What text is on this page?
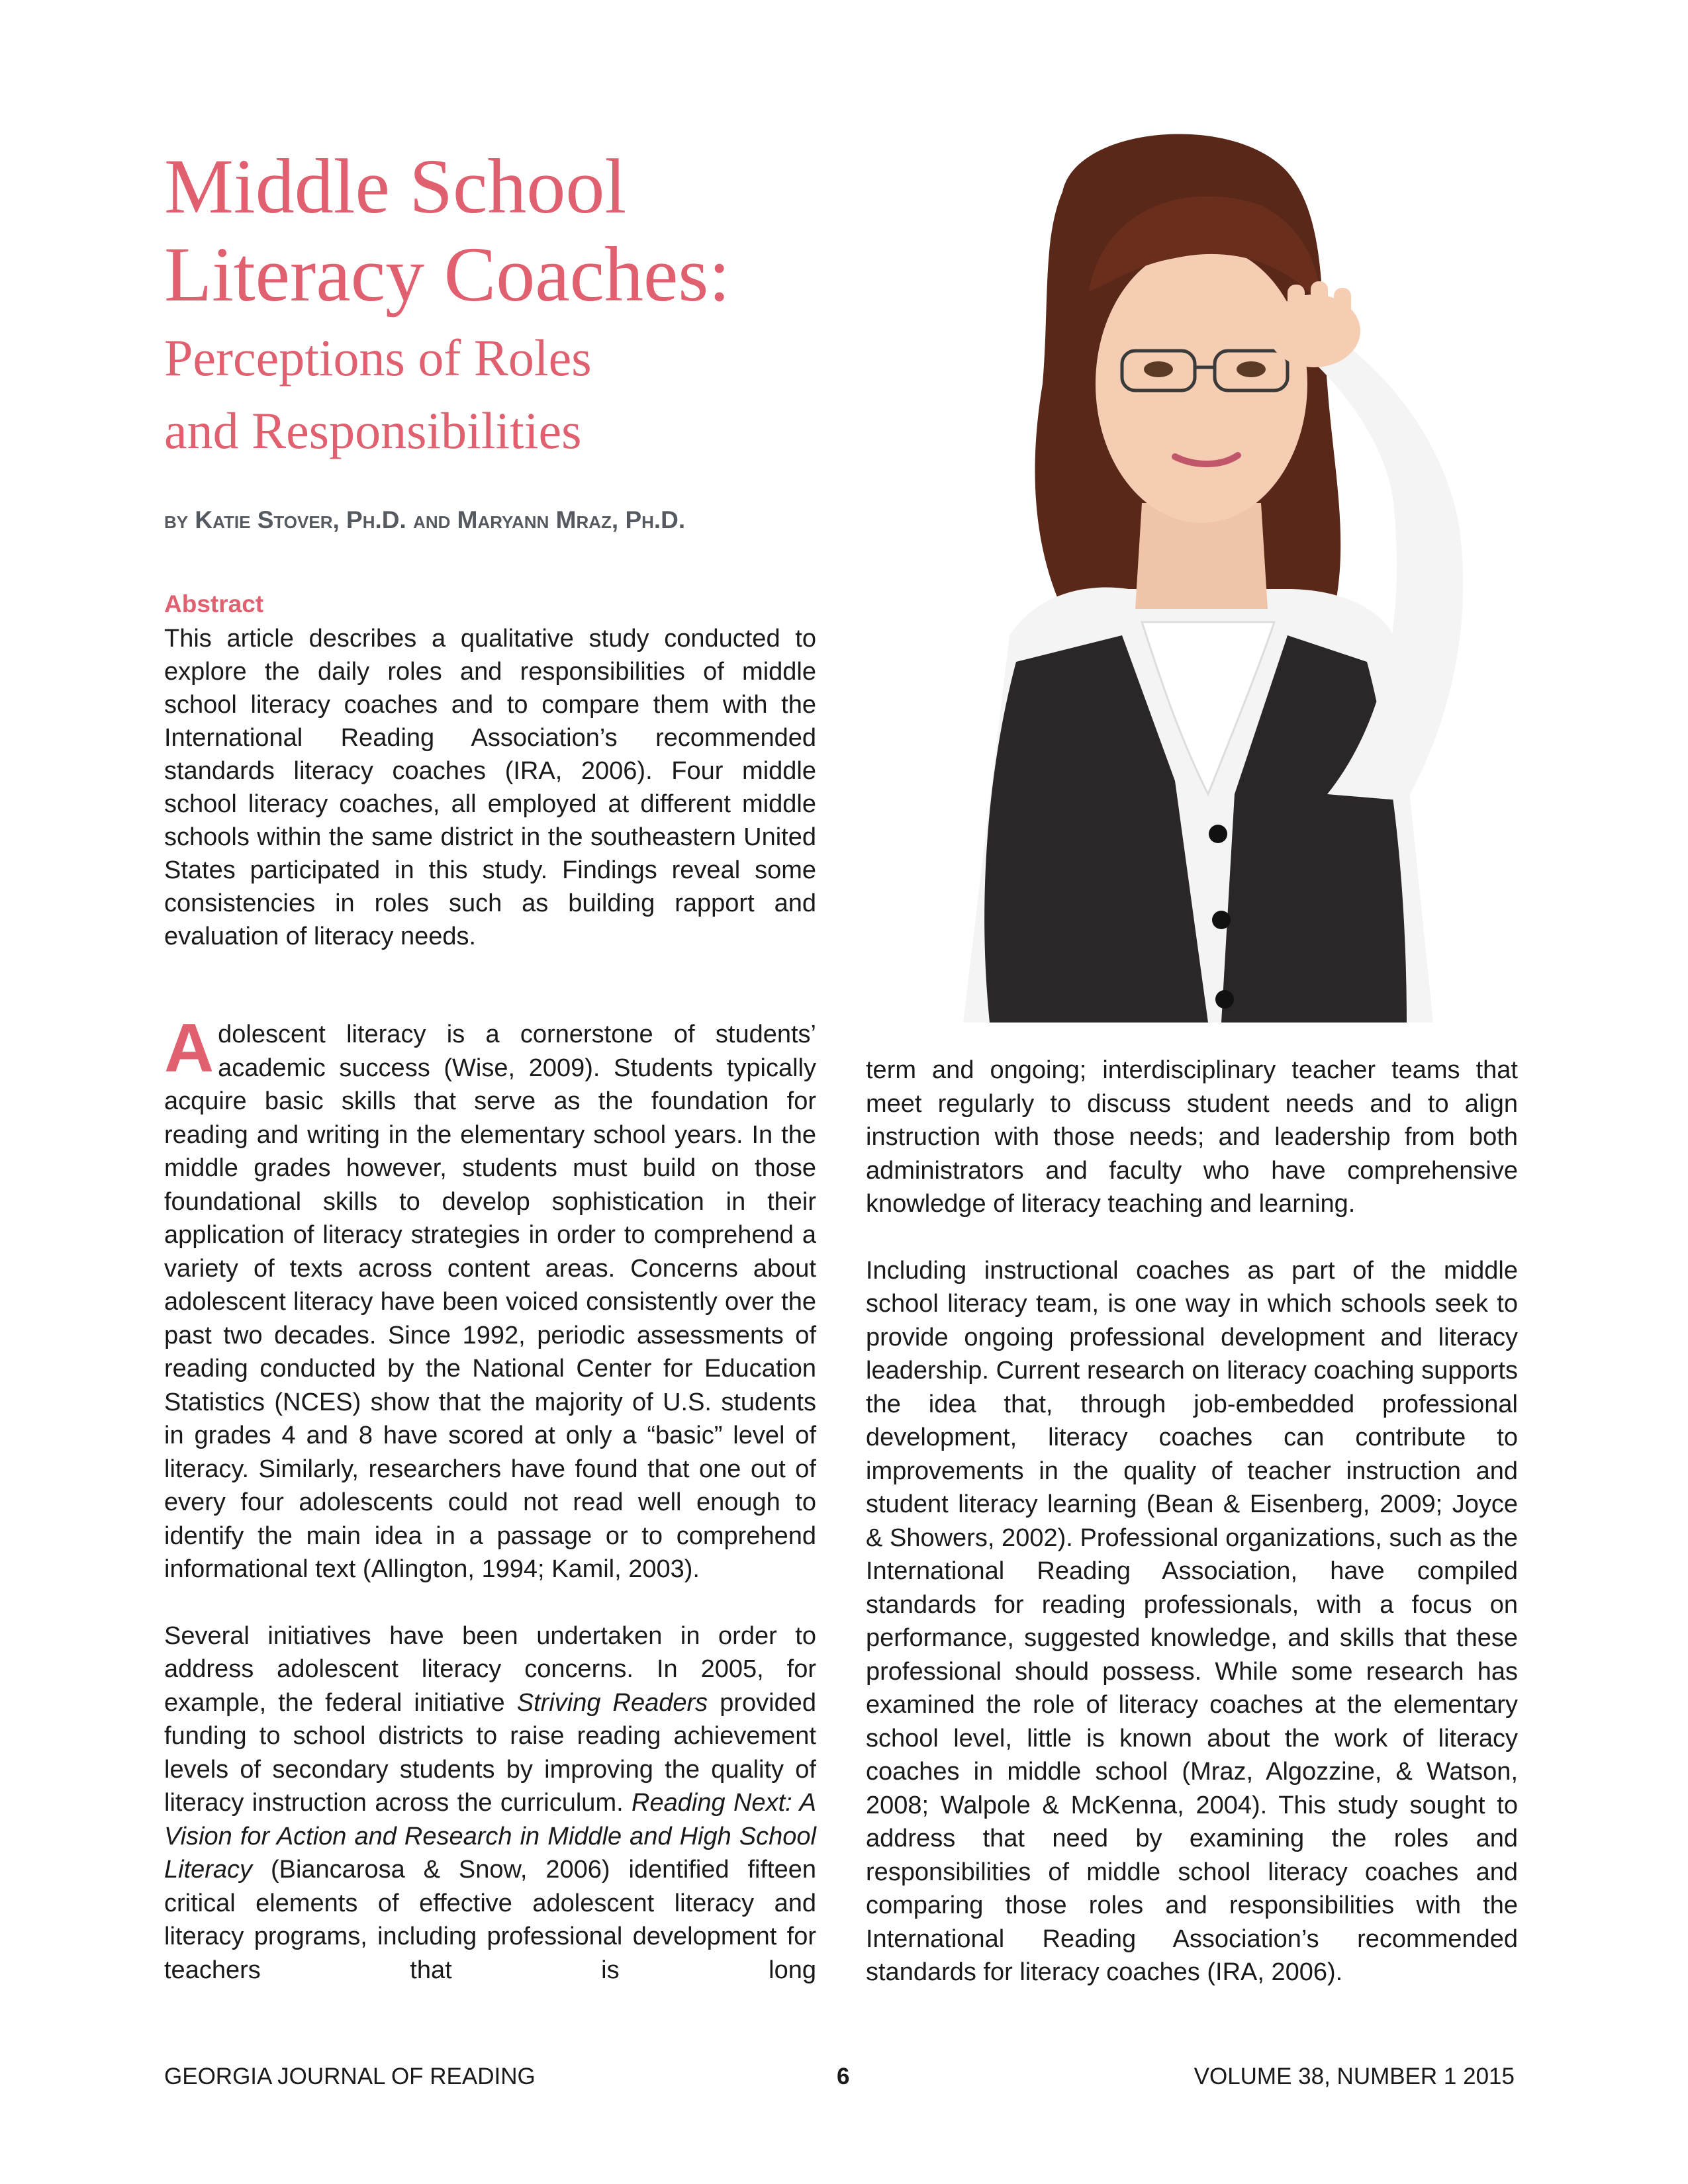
Middle School
Literacy Coaches:
Perceptions of Roles
and Responsibilities

by Katie Stover, Ph.D. and Maryann Mraz, Ph.D.

Abstract

This article describes a qualitative study conducted to explore the daily roles and responsibilities of middle school literacy coaches and to compare them with the International Reading Association’s recommended standards literacy coaches (IRA, 2006). Four middle school literacy coaches, all employed at different middle schools within the same district in the southeastern United States participated in this study. Findings reveal some consistencies in roles such as building rapport and evaluation of literacy needs.

Adolescent literacy is a cornerstone of students’ academic success (Wise, 2009). Students typically acquire basic skills that serve as the foundation for reading and writing in the elementary school years. In the middle grades however, students must build on those foundational skills to develop sophistication in their application of literacy strategies in order to comprehend a variety of texts across content areas. Concerns about adolescent literacy have been voiced consistently over the past two decades. Since 1992, periodic assessments of reading conducted by the National Center for Education Statistics (NCES) show that the majority of U.S. students in grades 4 and 8 have scored at only a “basic” level of literacy. Similarly, researchers have found that one out of every four adolescents could not read well enough to identify the main idea in a passage or to comprehend informational text (Allington, 1994; Kamil, 2003).

Several initiatives have been undertaken in order to address adolescent literacy concerns. In 2005, for example, the federal initiative Striving Readers provided funding to school districts to raise reading achievement levels of secondary students by improving the quality of literacy instruction across the curriculum. Reading Next: A Vision for Action and Research in Middle and High School Literacy (Biancarosa & Snow, 2006) identified fifteen critical elements of effective adolescent literacy and literacy programs, including professional development for teachers that is long

term and ongoing; interdisciplinary teacher teams that meet regularly to discuss student needs and to align instruction with those needs; and leadership from both administrators and faculty who have comprehensive knowledge of literacy teaching and learning.

Including instructional coaches as part of the middle school literacy team, is one way in which schools seek to provide ongoing professional development and literacy leadership. Current research on literacy coaching supports the idea that, through job-embedded professional development, literacy coaches can contribute to improvements in the quality of teacher instruction and student literacy learning (Bean & Eisenberg, 2009; Joyce & Showers, 2002). Professional organizations, such as the International Reading Association, have compiled standards for reading professionals, with a focus on performance, suggested knowledge, and skills that these professional should possess. While some research has examined the role of literacy coaches at the elementary school level, little is known about the work of literacy coaches in middle school (Mraz, Algozzine, & Watson, 2008; Walpole & McKenna, 2004). This study sought to address that need by examining the roles and responsibilities of middle school literacy coaches and comparing those roles and responsibilities with the International Reading Association’s recommended standards for literacy coaches (IRA, 2006).

GEORGIA JOURNAL OF READING	6	VOLUME 38, NUMBER 1 2015
